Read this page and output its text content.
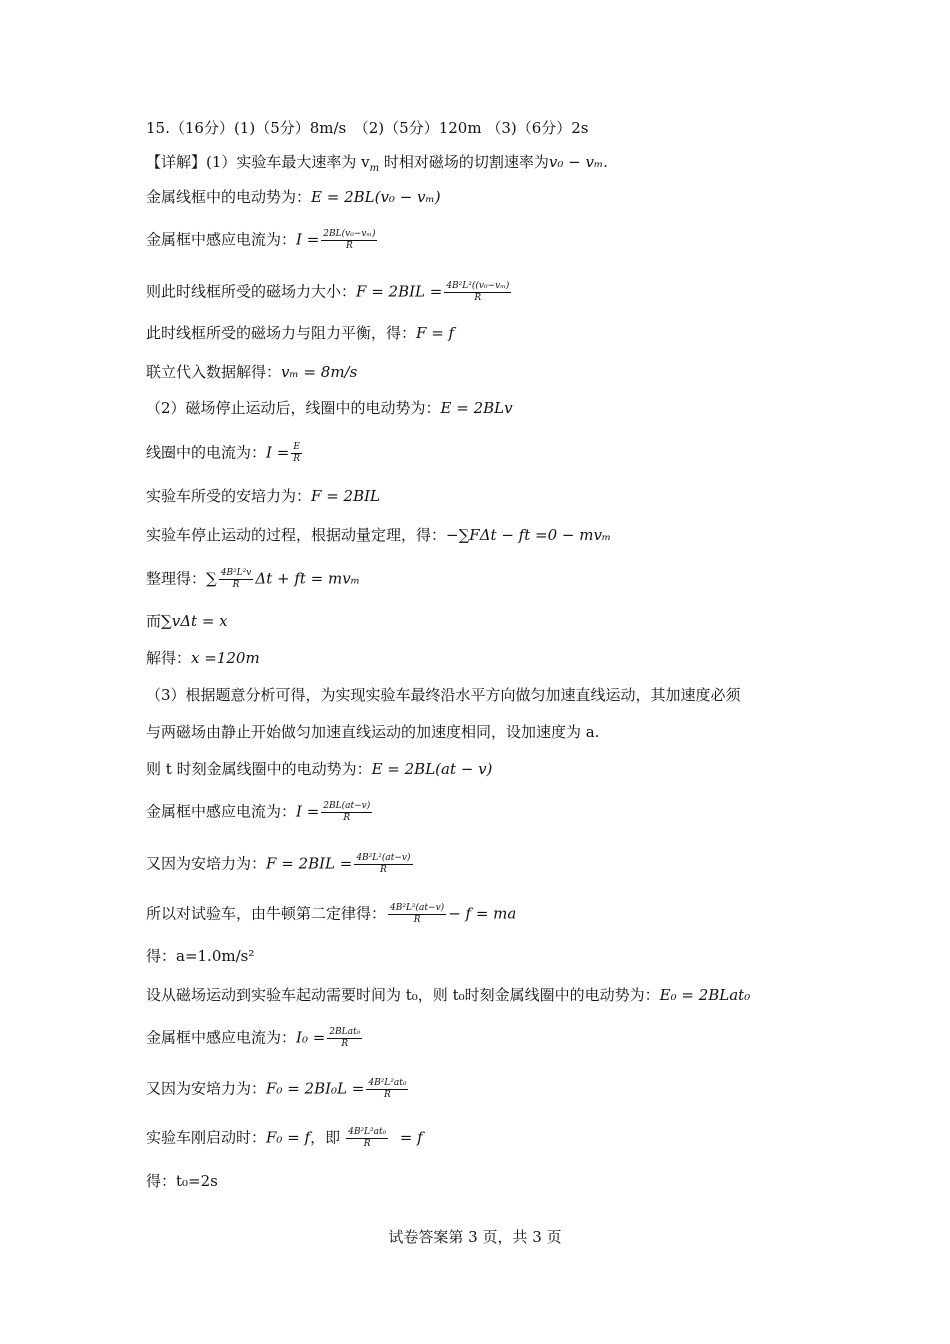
15.（16分）(1)（5分）8m/s　（2)（5分）120m （3)（6分）2s
【详解】(1）实验车最大速率为 $v_m$ 时相对磁场的切割速率为v₀ − vₘ.
金属线框中的电动势为：E = 2BL(v₀ − vₘ)
金属框中感应电流为：$I = \frac{\text{2BL(v₀−vₘ)}}{R}$
则此时线框所受的磁场力大小：$F = 2BIL = \frac{\text{4B²L²((v₀−vₘ)}}{R}$
此时线框所受的磁场力与阻力平衡，得：F = f
联立代入数据解得：vₘ = 8m/s
（2）磁场停止运动后，线圈中的电动势为：E = 2BLv
线圈中的电流为：$I = \frac{E}{R}$
实验车所受的安培力为：F = 2BIL
实验车停止运动的过程，根据动量定理，得：−∑FΔt − ft =0 − mvₘ
整理得：∑ $\frac{\text{4B²L²v}}{R}$ Δt + ft = mvₘ
而∑vΔt = x
解得：x =120m
（3）根据题意分析可得，为实现实验车最终沿水平方向做匀加速直线运动，其加速度必须
与两磁场由静止开始做匀加速直线运动的加速度相同，设加速度为 a.
则 t 时刻金属线圈中的电动势为：E = 2BL(at − v)
金属框中感应电流为：$I = \frac{2BL(at-v)}{R}$
又因为安培力为：$F = 2BIL = \frac{\text{4B²L²(at−v)}}{R}$
所以对试验车，由牛顿第二定律得： $\frac{\text{4B²L²(at−v)}}{R} - f$ = ma
得：a=1.0m/s²
设从磁场运动到实验车起动需要时间为 t₀，则 t₀时刻金属线圈中的电动势为：E₀ = 2BLat₀
金属框中感应电流为：$I_0 = \frac{\text{2BLat₀}}{R}$
又因为安培力为：$F_0 = 2BI_0L = \frac{\text{4B²L²at₀}}{R}$
实验车刚启动时：F₀ = f，即 $\frac{\text{4B²L²at₀}}{R} = f$
得：t₀=2s
试卷答案第 3 页，共 3 页
